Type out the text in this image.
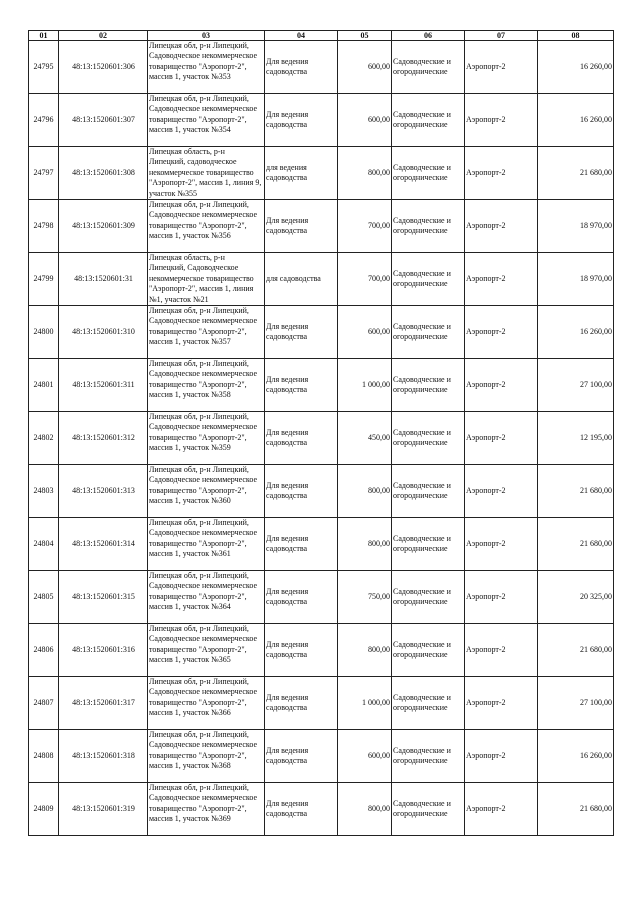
01	02	03	04	05	06	07	08
24795	48:13:1520601:306	Липецкая обл, р-н Липецкий, Садоводческое некоммерческое товарищество "Аэропорт-2", массив 1, участок №353	Для ведения садоводства	600,00	Садоводческие и огороднические	Аэропорт-2	16 260,00
24796	48:13:1520601:307	Липецкая обл, р-н Липецкий, Садоводческое некоммерческое товарищество "Аэропорт-2", массив 1, участок №354	Для ведения садоводства	600,00	Садоводческие и огороднические	Аэропорт-2	16 260,00
24797	48:13:1520601:308	Липецкая область, р-н Липецкий, садоводческое некоммерческое товарищество "Аэропорт-2", массив 1, линия 9, участок №355	для ведения садоводства	800,00	Садоводческие и огороднические	Аэропорт-2	21 680,00
24798	48:13:1520601:309	Липецкая обл, р-н Липецкий, Садоводческое некоммерческое товарищество "Аэропорт-2", массив 1, участок №356	Для ведения садоводства	700,00	Садоводческие и огороднические	Аэропорт-2	18 970,00
24799	48:13:1520601:31	Липецкая область, р-н Липецкий, Садоводческое некоммерческое товарищество "Аэропорт-2", массив 1, линия №1, участок №21	для садоводства	700,00	Садоводческие и огороднические	Аэропорт-2	18 970,00
24800	48:13:1520601:310	Липецкая обл, р-н Липецкий, Садоводческое некоммерческое товарищество "Аэропорт-2", массив 1, участок №357	Для ведения садоводства	600,00	Садоводческие и огороднические	Аэропорт-2	16 260,00
24801	48:13:1520601:311	Липецкая обл, р-н Липецкий, Садоводческое некоммерческое товарищество "Аэропорт-2", массив 1, участок №358	Для ведения садоводства	1 000,00	Садоводческие и огороднические	Аэропорт-2	27 100,00
24802	48:13:1520601:312	Липецкая обл, р-н Липецкий, Садоводческое некоммерческое товарищество "Аэропорт-2", массив 1, участок №359	Для ведения садоводства	450,00	Садоводческие и огороднические	Аэропорт-2	12 195,00
24803	48:13:1520601:313	Липецкая обл, р-н Липецкий, Садоводческое некоммерческое товарищество "Аэропорт-2", массив 1, участок №360	Для ведения садоводства	800,00	Садоводческие и огороднические	Аэропорт-2	21 680,00
24804	48:13:1520601:314	Липецкая обл, р-н Липецкий, Садоводческое некоммерческое товарищество "Аэропорт-2", массив 1, участок №361	Для ведения садоводства	800,00	Садоводческие и огороднические	Аэропорт-2	21 680,00
24805	48:13:1520601:315	Липецкая обл, р-н Липецкий, Садоводческое некоммерческое товарищество "Аэропорт-2", массив 1, участок №364	Для ведения садоводства	750,00	Садоводческие и огороднические	Аэропорт-2	20 325,00
24806	48:13:1520601:316	Липецкая обл, р-н Липецкий, Садоводческое некоммерческое товарищество "Аэропорт-2", массив 1, участок №365	Для ведения садоводства	800,00	Садоводческие и огороднические	Аэропорт-2	21 680,00
24807	48:13:1520601:317	Липецкая обл, р-н Липецкий, Садоводческое некоммерческое товарищество "Аэропорт-2", массив 1, участок №366	Для ведения садоводства	1 000,00	Садоводческие и огороднические	Аэропорт-2	27 100,00
24808	48:13:1520601:318	Липецкая обл, р-н Липецкий, Садоводческое некоммерческое товарищество "Аэропорт-2", массив 1, участок №368	Для ведения садоводства	600,00	Садоводческие и огороднические	Аэропорт-2	16 260,00
24809	48:13:1520601:319	Липецкая обл, р-н Липецкий, Садоводческое некоммерческое товарищество "Аэропорт-2", массив 1, участок №369	Для ведения садоводства	800,00	Садоводческие и огороднические	Аэропорт-2	21 680,00
